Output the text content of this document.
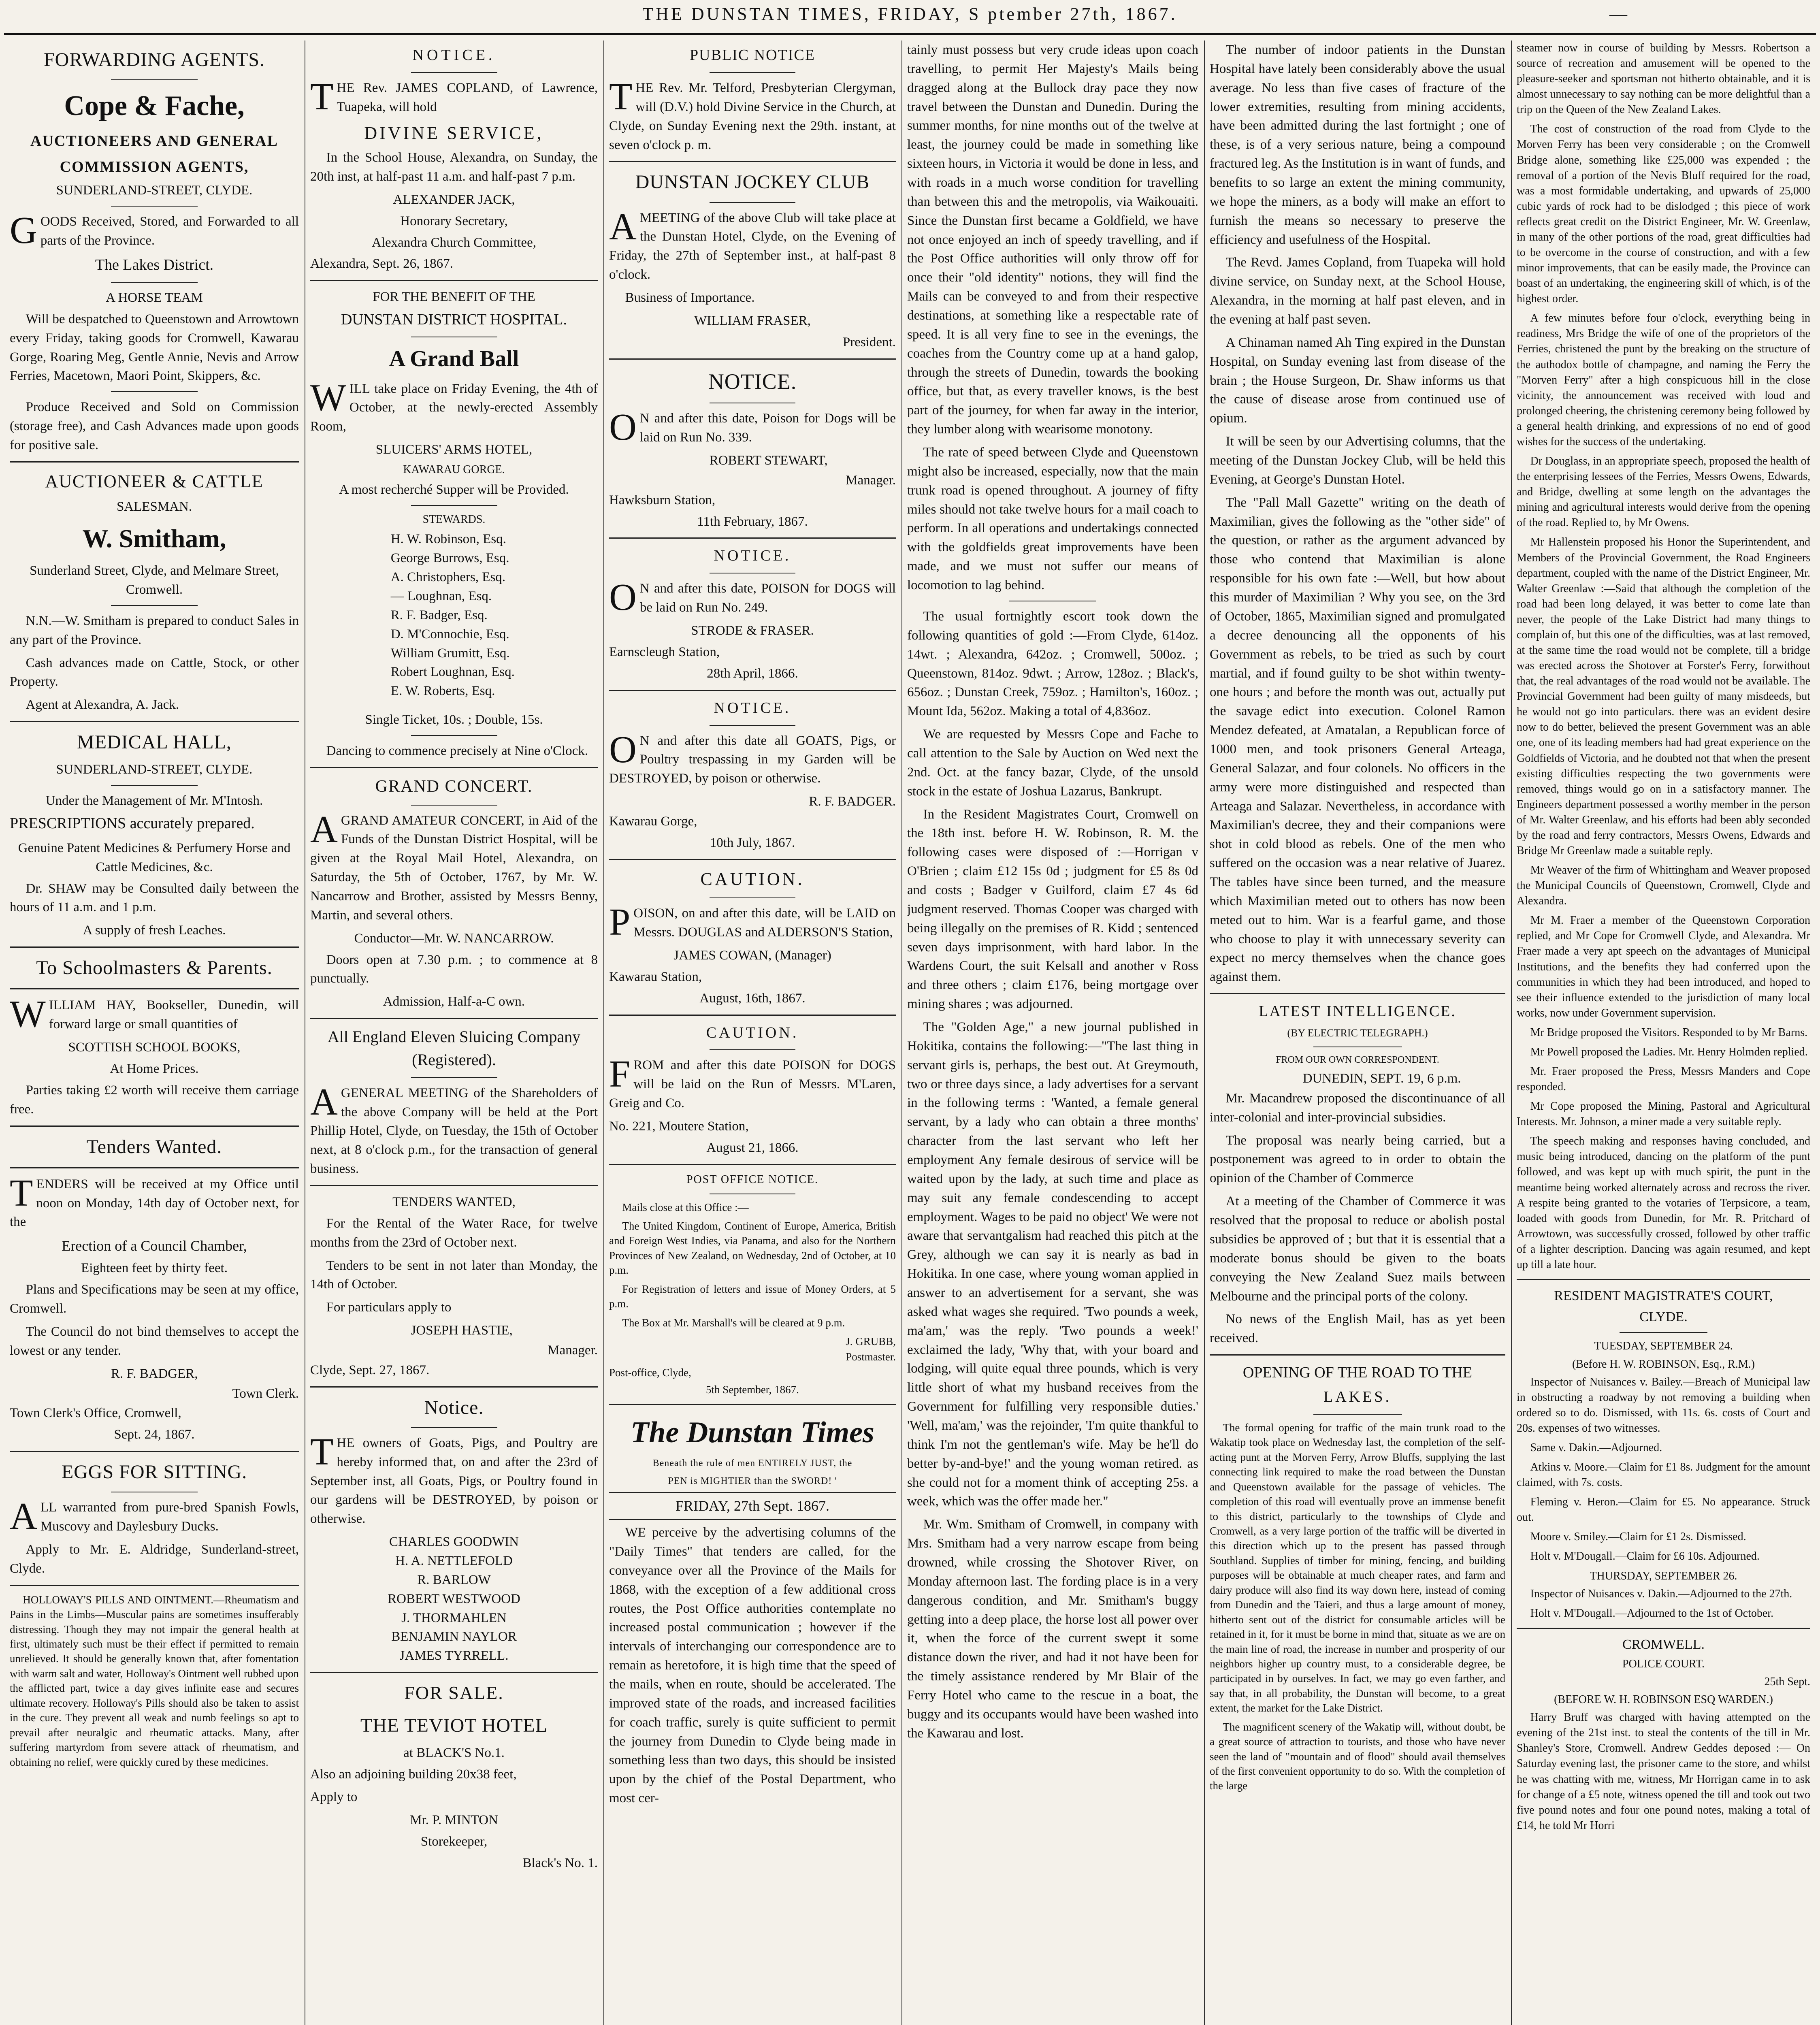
THE DUNSTAN TIMES, FRIDAY, S ptember 27th, 1867.	—
FORWARDING AGENTS.
Cope & Fache,
AUCTIONEERS AND GENERAL
COMMISSION AGENTS,
SUNDERLAND-STREET, CLYDE.

GOODS Received, Stored, and Forwarded to all parts of the Province.

The Lakes District.
A HORSE TEAM

Will be despatched to Queenstown and Arrowtown every Friday, taking goods for Cromwell, Kawarau Gorge, Roaring Meg, Gentle Annie, Nevis and Arrow Ferries, Macetown, Maori Point, Skippers, &c.

Produce Received and Sold on Commission (storage free), and Cash Advances made upon goods for positive sale.

AUCTIONEER & CATTLE
SALESMAN.
W. Smitham,

Sunderland Street, Clyde, and Melmare Street, Cromwell.

N.N.—W. Smitham is prepared to conduct Sales in any part of the Province.

Cash advances made on Cattle, Stock, or other Property.

Agent at Alexandra, A. Jack.

MEDICAL HALL,
SUNDERLAND-STREET, CLYDE.

Under the Management of Mr. M'Intosh.

PRESCRIPTIONS accurately prepared.

Genuine Patent Medicines & Perfumery Horse and Cattle Medicines, &c.

Dr. SHAW may be Consulted daily between the hours of 11 a.m. and 1 p.m.

A supply of fresh Leaches.

To Schoolmasters & Parents.

WILLIAM HAY, Bookseller, Dunedin, will forward large or small quantities of

SCOTTISH SCHOOL BOOKS,
At Home Prices.

Parties taking £2 worth will receive them carriage free.

Tenders Wanted.

TENDERS will be received at my Office until noon on Monday, 14th day of October next, for the

Erection of a Council Chamber,
Eighteen feet by thirty feet.

Plans and Specifications may be seen at my office, Cromwell.

The Council do not bind themselves to accept the lowest or any tender.

R. F. BADGER,
Town Clerk.
Town Clerk's Office, Cromwell,
Sept. 24, 1867.
EGGS FOR SITTING.

ALL warranted from pure-bred Spanish Fowls, Muscovy and Daylesbury Ducks.

Apply to Mr. E. Aldridge, Sunderland-street, Clyde.

HOLLOWAY'S PILLS AND OINTMENT.—Rheumatism and Pains in the Limbs—Muscular pains are sometimes insufferably distressing. Though they may not impair the general health at first, ultimately such must be their effect if permitted to remain unrelieved. It should be generally known that, after fomentation with warm salt and water, Holloway's Ointment well rubbed upon the afflicted part, twice a day gives infinite ease and secures ultimate recovery. Holloway's Pills should also be taken to assist in the cure. They prevent all weak and numb feelings so apt to prevail after neuralgic and rheumatic attacks. Many, after suffering martyrdom from severe attack of rheumatism, and obtaining no relief, were quickly cured by these medicines.

NOTICE.

THE Rev. JAMES COPLAND, of Lawrence, Tuapeka, will hold

DIVINE SERVICE,

In the School House, Alexandra, on Sunday, the 20th inst, at half-past 11 a.m. and half-past 7 p.m.

ALEXANDER JACK,
Honorary Secretary,
Alexandra Church Committee,
Alexandra, Sept. 26, 1867.
FOR THE BENEFIT OF THE
DUNSTAN DISTRICT HOSPITAL.
A Grand Ball

WILL take place on Friday Evening, the 4th of October, at the newly-erected Assembly Room,

SLUICERS' ARMS HOTEL,
KAWARAU GORGE.

A most recherché Supper will be Provided.

STEWARDS.
H. W. Robinson, Esq.
George Burrows, Esq.
A. Christophers, Esq.
— Loughnan, Esq.
R. F. Badger, Esq.
D. M'Connochie, Esq.
William Grumitt, Esq.
Robert Loughnan, Esq.
E. W. Roberts, Esq.

Single Ticket, 10s. ; Double, 15s.

Dancing to commence precisely at Nine o'Clock.

GRAND CONCERT.

AGRAND AMATEUR CONCERT, in Aid of the Funds of the Dunstan District Hospital, will be given at the Royal Mail Hotel, Alexandra, on Saturday, the 5th of October, 1767, by Mr. W. Nancarrow and Brother, assisted by Messrs Benny, Martin, and several others.

Conductor—Mr. W. NANCARROW.

Doors open at 7.30 p.m. ; to commence at 8 punctually.

Admission, Half-a-C own.

All England Eleven Sluicing Company (Registered).

AGENERAL MEETING of the Shareholders of the above Company will be held at the Port Phillip Hotel, Clyde, on Tuesday, the 15th of October next, at 8 o'clock p.m., for the transaction of general business.

TENDERS WANTED,

For the Rental of the Water Race, for twelve months from the 23rd of October next.

Tenders to be sent in not later than Monday, the 14th of October.

For particulars apply to

JOSEPH HASTIE,
Manager.
Clyde, Sept. 27, 1867.
Notice.

THE owners of Goats, Pigs, and Poultry are hereby informed that, on and after the 23rd of September inst, all Goats, Pigs, or Poultry found in our gardens will be DESTROYED, by poison or otherwise.

CHARLES GOODWIN
H. A. NETTLEFOLD
R. BARLOW
ROBERT WESTWOOD
J. THORMAHLEN
BENJAMIN NAYLOR
JAMES TYRRELL.
FOR SALE.
THE TEVIOT HOTEL
at BLACK'S No.1.

Also an adjoining building 20x38 feet,

Apply to

Mr. P. MINTON
Storekeeper,
Black's No. 1.
PUBLIC NOTICE

THE Rev. Mr. Telford, Presbyterian Clergyman, will (D.V.) hold Divine Service in the Church, at Clyde, on Sunday Evening next the 29th. instant, at seven o'clock p. m.

DUNSTAN JOCKEY CLUB

AMEETING of the above Club will take place at the Dunstan Hotel, Clyde, on the Evening of Friday, the 27th of September inst., at half-past 8 o'clock.

Business of Importance.

WILLIAM FRASER,
President.
NOTICE.

ON and after this date, Poison for Dogs will be laid on Run No. 339.

ROBERT STEWART,
Manager.
Hawksburn Station,
11th February, 1867.
NOTICE.

ON and after this date, POISON for DOGS will be laid on Run No. 249.

STRODE & FRASER.
Earnscleugh Station,
28th April, 1866.
NOTICE.

ON and after this date all GOATS, Pigs, or Poultry trespassing in my Garden will be DESTROYED, by poison or otherwise.

R. F. BADGER.
Kawarau Gorge,
10th July, 1867.
CAUTION.

POISON, on and after this date, will be LAID on Messrs. DOUGLAS and ALDERSON'S Station,

JAMES COWAN, (Manager)
Kawarau Station,
August, 16th, 1867.
CAUTION.

FROM and after this date POISON for DOGS will be laid on the Run of Messrs. M'Laren, Greig and Co.

No. 221, Moutere Station,
August 21, 1866.
POST OFFICE NOTICE.

Mails close at this Office :—

The United Kingdom, Continent of Europe, America, British and Foreign West Indies, via Panama, and also for the Northern Provinces of New Zealand, on Wednesday, 2nd of October, at 10 p.m.

For Registration of letters and issue of Money Orders, at 5 p.m.

The Box at Mr. Marshall's will be cleared at 9 p.m.

J. GRUBB,
Postmaster.
Post-office, Clyde,
5th September, 1867.
The Dunstan Times
Beneath the rule of men ENTIRELY JUST, the
PEN is MIGHTIER than the SWORD! '
FRIDAY, 27th Sept. 1867.

WE perceive by the advertising columns of the "Daily Times" that tenders are called, for the conveyance over all the Province of the Mails for 1868, with the exception of a few additional cross routes, the Post Office authorities contemplate no increased postal communication ; however if the intervals of interchanging our correspondence are to remain as heretofore, it is high time that the speed of the mails, when en route, should be accelerated. The improved state of the roads, and increased facilities for coach traffic, surely is quite sufficient to permit the journey from Dunedin to Clyde being made in something less than two days, this should be insisted upon by the chief of the Postal Department, who most cer-

tainly must possess but very crude ideas upon coach travelling, to permit Her Majesty's Mails being dragged along at the Bullock dray pace they now travel between the Dunstan and Dunedin. During the summer months, for nine months out of the twelve at least, the journey could be made in something like sixteen hours, in Victoria it would be done in less, and with roads in a much worse condition for travelling than between this and the metropolis, via Waikouaiti. Since the Dunstan first became a Goldfield, we have not once enjoyed an inch of speedy travelling, and if the Post Office authorities will only throw off for once their "old identity" notions, they will find the Mails can be conveyed to and from their respective destinations, at something like a respectable rate of speed. It is all very fine to see in the evenings, the coaches from the Country come up at a hand galop, through the streets of Dunedin, towards the booking office, but that, as every traveller knows, is the best part of the journey, for when far away in the interior, they lumber along with wearisome monotony.

The rate of speed between Clyde and Queenstown might also be increased, especially, now that the main trunk road is opened throughout. A journey of fifty miles should not take twelve hours for a mail coach to perform. In all operations and undertakings connected with the goldfields great improvements have been made, and we must not suffer our means of locomotion to lag behind.

The usual fortnightly escort took down the following quantities of gold :—From Clyde, 614oz. 14wt. ; Alexandra, 642oz. ; Cromwell, 500oz. ; Queenstown, 814oz. 9dwt. ; Arrow, 128oz. ; Black's, 656oz. ; Dunstan Creek, 759oz. ; Hamilton's, 160oz. ; Mount Ida, 562oz. Making a total of 4,836oz.

We are requested by Messrs Cope and Fache to call attention to the Sale by Auction on Wed next the 2nd. Oct. at the fancy bazar, Clyde, of the unsold stock in the estate of Joshua Lazarus, Bankrupt.

In the Resident Magistrates Court, Cromwell on the 18th inst. before H. W. Robinson, R. M. the following cases were disposed of :—Horrigan v O'Brien ; claim £12 15s 0d ; judgment for £5 8s 0d and costs ; Badger v Guilford, claim £7 4s 6d judgment reserved. Thomas Cooper was charged with being illegally on the premises of R. Kidd ; sentenced seven days imprisonment, with hard labor. In the Wardens Court, the suit Kelsall and another v Ross and three others ; claim £176, being mortgage over mining shares ; was adjourned.

The "Golden Age," a new journal published in Hokitika, contains the following:—"The last thing in servant girls is, perhaps, the best out. At Greymouth, two or three days since, a lady advertises for a servant in the following terms : 'Wanted, a female general servant, by a lady who can obtain a three months' character from the last servant who left her employment Any female desirous of service will be waited upon by the lady, at such time and place as may suit any female condescending to accept employment. Wages to be paid no object' We were not aware that servantgalism had reached this pitch at the Grey, although we can say it is nearly as bad in Hokitika. In one case, where young woman applied in answer to an advertisement for a servant, she was asked what wages she required. 'Two pounds a week, ma'am,' was the reply. 'Two pounds a week!' exclaimed the lady, 'Why that, with your board and lodging, will quite equal three pounds, which is very little short of what my husband receives from the Government for fulfilling very responsible duties.' 'Well, ma'am,' was the rejoinder, 'I'm quite thankful to think I'm not the gentleman's wife. May be he'll do better by-and-bye!' and the young woman retired. as she could not for a moment think of accepting 25s. a week, which was the offer made her."

Mr. Wm. Smitham of Cromwell, in company with Mrs. Smitham had a very narrow escape from being drowned, while crossing the Shotover River, on Monday afternoon last. The fording place is in a very dangerous condition, and Mr. Smitham's buggy getting into a deep place, the horse lost all power over it, when the force of the current swept it some distance down the river, and had it not have been for the timely assistance rendered by Mr Blair of the Ferry Hotel who came to the rescue in a boat, the buggy and its occupants would have been washed into the Kawarau and lost.

The number of indoor patients in the Dunstan Hospital have lately been considerably above the usual average. No less than five cases of fracture of the lower extremities, resulting from mining accidents, have been admitted during the last fortnight ; one of these, is of a very serious nature, being a compound fractured leg. As the Institution is in want of funds, and benefits to so large an extent the mining community, we hope the miners, as a body will make an effort to furnish the means so necessary to preserve the efficiency and usefulness of the Hospital.

The Revd. James Copland, from Tuapeka will hold divine service, on Sunday next, at the School House, Alexandra, in the morning at half past eleven, and in the evening at half past seven.

A Chinaman named Ah Ting expired in the Dunstan Hospital, on Sunday evening last from disease of the brain ; the House Surgeon, Dr. Shaw informs us that the cause of disease arose from continued use of opium.

It will be seen by our Advertising columns, that the meeting of the Dunstan Jockey Club, will be held this Evening, at George's Dunstan Hotel.

The "Pall Mall Gazette" writing on the death of Maximilian, gives the following as the "other side" of the question, or rather as the argument advanced by those who contend that Maximilian is alone responsible for his own fate :—Well, but how about this murder of Maximilian ? Why you see, on the 3rd of October, 1865, Maximilian signed and promulgated a decree denouncing all the opponents of his Government as rebels, to be tried as such by court martial, and if found guilty to be shot within twenty-one hours ; and before the month was out, actually put the savage edict into execution. Colonel Ramon Mendez defeated, at Amatalan, a Republican force of 1000 men, and took prisoners General Arteaga, General Salazar, and four colonels. No officers in the army were more distinguished and respected than Arteaga and Salazar. Nevertheless, in accordance with Maximilian's decree, they and their companions were shot in cold blood as rebels. One of the men who suffered on the occasion was a near relative of Juarez. The tables have since been turned, and the measure which Maximilian meted out to others has now been meted out to him. War is a fearful game, and those who choose to play it with unnecessary severity can expect no mercy themselves when the chance goes against them.

LATEST INTELLIGENCE.
(BY ELECTRIC TELEGRAPH.)
FROM OUR OWN CORRESPONDENT.
DUNEDIN, SEPT. 19, 6 p.m.

Mr. Macandrew proposed the discontinuance of all inter-colonial and inter-provincial subsidies.

The proposal was nearly being carried, but a postponement was agreed to in order to obtain the opinion of the Chamber of Commerce

At a meeting of the Chamber of Commerce it was resolved that the proposal to reduce or abolish postal subsidies be approved of ; but that it is essential that a moderate bonus should be given to the boats conveying the New Zealand Suez mails between Melbourne and the principal ports of the colony.

No news of the English Mail, has as yet been received.

OPENING OF THE ROAD TO THE
LAKES.

The formal opening for traffic of the main trunk road to the Wakatip took place on Wednesday last, the completion of the self-acting punt at the Morven Ferry, Arrow Bluffs, supplying the last connecting link required to make the road between the Dunstan and Queenstown available for the passage of vehicles. The completion of this road will eventually prove an immense benefit to this district, particularly to the townships of Clyde and Cromwell, as a very large portion of the traffic will be diverted in this direction which up to the present has passed through Southland. Supplies of timber for mining, fencing, and building purposes will be obtainable at much cheaper rates, and farm and dairy produce will also find its way down here, instead of coming from Dunedin and the Taieri, and thus a large amount of money, hitherto sent out of the district for consumable articles will be retained in it, for it must be borne in mind that, situate as we are on the main line of road, the increase in number and prosperity of our neighbors higher up country must, to a considerable degree, be participated in by ourselves. In fact, we may go even farther, and say that, in all probability, the Dunstan will become, to a great extent, the market for the Lake District.

The magnificent scenery of the Wakatip will, without doubt, be a great source of attraction to tourists, and those who have never seen the land of "mountain and of flood" should avail themselves of the first convenient opportunity to do so. With the completion of the large

steamer now in course of building by Messrs. Robertson a source of recreation and amusement will be opened to the pleasure-seeker and sportsman not hitherto obtainable, and it is almost unnecessary to say nothing can be more delightful than a trip on the Queen of the New Zealand Lakes.

The cost of construction of the road from Clyde to the Morven Ferry has been very considerable ; on the Cromwell Bridge alone, something like £25,000 was expended ; the removal of a portion of the Nevis Bluff required for the road, was a most formidable undertaking, and upwards of 25,000 cubic yards of rock had to be dislodged ; this piece of work reflects great credit on the District Engineer, Mr. W. Greenlaw, in many of the other portions of the road, great difficulties had to be overcome in the course of construction, and with a few minor improvements, that can be easily made, the Province can boast of an undertaking, the engineering skill of which, is of the highest order.

A few minutes before four o'clock, everything being in readiness, Mrs Bridge the wife of one of the proprietors of the Ferries, christened the punt by the breaking on the structure of the authodox bottle of champagne, and naming the Ferry the "Morven Ferry" after a high conspicuous hill in the close vicinity, the announcement was received with loud and prolonged cheering, the christening ceremony being followed by a general health drinking, and expressions of no end of good wishes for the success of the undertaking.

Dr Douglass, in an appropriate speech, proposed the health of the enterprising lessees of the Ferries, Messrs Owens, Edwards, and Bridge, dwelling at some length on the advantages the mining and agricultural interests would derive from the opening of the road. Replied to, by Mr Owens.

Mr Hallenstein proposed his Honor the Superintendent, and Members of the Provincial Government, the Road Engineers department, coupled with the name of the District Engineer, Mr. Walter Greenlaw :—Said that although the completion of the road had been long delayed, it was better to come late than never, the people of the Lake District had many things to complain of, but this one of the difficulties, was at last removed, at the same time the road would not be complete, till a bridge was erected across the Shotover at Forster's Ferry, forwithout that, the real advantages of the road would not be available. The Provincial Government had been guilty of many misdeeds, but he would not go into particulars. there was an evident desire now to do better, believed the present Government was an able one, one of its leading members had had great experience on the Goldfields of Victoria, and he doubted not that when the present existing difficulties respecting the two governments were removed, things would go on in a satisfactory manner. The Engineers department possessed a worthy member in the person of Mr. Walter Greenlaw, and his efforts had been ably seconded by the road and ferry contractors, Messrs Owens, Edwards and Bridge Mr Greenlaw made a suitable reply.

Mr Weaver of the firm of Whittingham and Weaver proposed the Municipal Councils of Queenstown, Cromwell, Clyde and Alexandra.

Mr M. Fraer a member of the Queenstown Corporation replied, and Mr Cope for Cromwell Clyde, and Alexandra. Mr Fraer made a very apt speech on the advantages of Municipal Institutions, and the benefits they had conferred upon the communities in which they had been introduced, and hoped to see their influence extended to the jurisdiction of many local works, now under Government supervision.

Mr Bridge proposed the Visitors. Responded to by Mr Barns.

Mr Powell proposed the Ladies. Mr. Henry Holmden replied.

Mr. Fraer proposed the Press, Messrs Manders and Cope responded.

Mr Cope proposed the Mining, Pastoral and Agricultural Interests. Mr. Johnson, a miner made a very suitable reply.

The speech making and responses having concluded, and music being introduced, dancing on the platform of the punt followed, and was kept up with much spirit, the punt in the meantime being worked alternately across and recross the river. A respite being granted to the votaries of Terpsicore, a team, loaded with goods from Dunedin, for Mr. R. Pritchard of Arrowtown, was successfully crossed, followed by other traffic of a lighter description. Dancing was again resumed, and kept up till a late hour.

RESIDENT MAGISTRATE'S COURT,
CLYDE.
TUESDAY, SEPTEMBER 24.
(Before H. W. ROBINSON, Esq., R.M.)

Inspector of Nuisances v. Bailey.—Breach of Municipal law in obstructing a roadway by not removing a building when ordered so to do. Dismissed, with 11s. 6s. costs of Court and 20s. expenses of two witnesses.

Same v. Dakin.—Adjourned.

Atkins v. Moore.—Claim for £1 8s. Judgment for the amount claimed, with 7s. costs.

Fleming v. Heron.—Claim for £5. No appearance. Struck out.

Moore v. Smiley.—Claim for £1 2s. Dismissed.

Holt v. M'Dougall.—Claim for £6 10s. Adjourned.

THURSDAY, SEPTEMBER 26.

Inspector of Nuisances v. Dakin.—Adjourned to the 27th.

Holt v. M'Dougall.—Adjourned to the 1st of October.

CROMWELL.
POLICE COURT.
25th Sept.
(BEFORE W. H. ROBINSON ESQ WARDEN.)

Harry Bruff was charged with having attempted on the evening of the 21st inst. to steal the contents of the till in Mr. Shanley's Store, Cromwell. Andrew Geddes deposed :— On Saturday evening last, the prisoner came to the store, and whilst he was chatting with me, witness, Mr Horrigan came in to ask for change of a £5 note, witness opened the till and took out two five pound notes and four one pound notes, making a total of £14, he told Mr Horri
